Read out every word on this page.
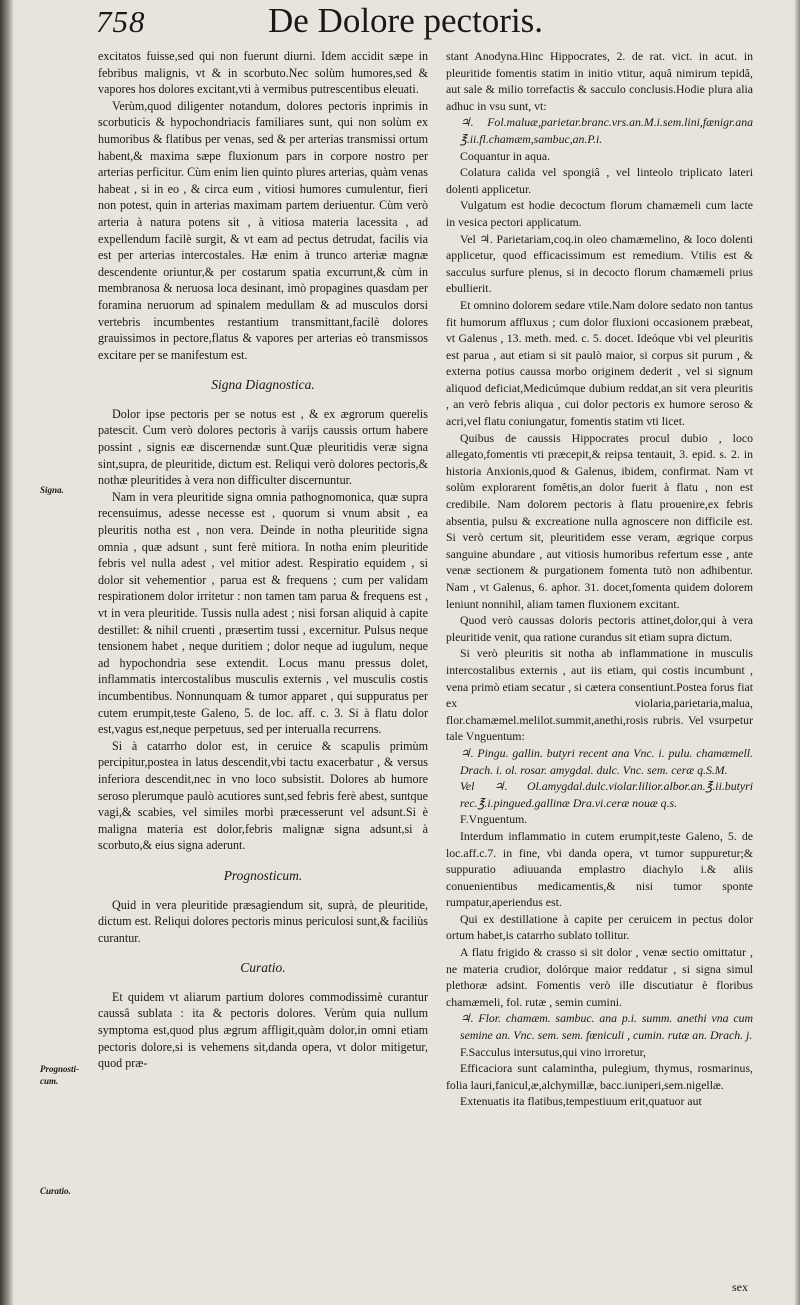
758	De Dolore pectoris.

excitatos fuisse,sed qui non fuerunt diurni. Idem accidit sæpe in febribus malignis, vt & in scorbuto.Nec solùm humores,sed & vapores hos dolores excitant,vti à vermibus putrescentibus eleuati.

Verùm,quod diligenter notandum, dolores pectoris inprimis in scorbuticis & hypochondriacis familiares sunt, qui non solùm ex humoribus & flatibus per venas, sed & per arterias transmissi ortum habent,& maxima sæpe fluxionum pars in corpore nostro per arterias perficitur. Cùm enim lien quinto plures arterias, quàm venas habeat , si in eo , & circa eum , vitiosi humores cumulentur, fieri non potest, quin in arterias maximam partem deriuentur. Cùm verò arteria à natura potens sit , à vitiosa materia lacessita , ad expellendum facilè surgit, & vt eam ad pectus detrudat, facilis via est per arterias intercostales. Hæ enim à trunco arteriæ magnæ descendente oriuntur,& per costarum spatia excurrunt,& cùm in membranosa & neruosa loca desinant, imò propagines quasdam per foramina neruorum ad spinalem medullam & ad musculos dorsi vertebris incumbentes restantium transmittant,facilè dolores grauissimos in pectore,flatus & vapores per arterias eò transmissos excitare per se manifestum est.

Signa Diagnostica.

Dolor ipse pectoris per se notus est , & ex ægrorum querelis patescit. Cum verò dolores pectoris à varijs caussis ortum habere possint , signis eæ discernendæ sunt.Quæ pleuritidis veræ signa sint,supra, de pleuritide, dictum est. Reliqui verò dolores pectoris,& nothæ pleuritides à vera non difficulter discernuntur.

Nam in vera pleuritide signa omnia pathognomonica, quæ supra recensuimus, adesse necesse est , quorum si vnum absit , ea pleuritis notha est , non vera. Deinde in notha pleuritide signa omnia , quæ adsunt , sunt ferè mitiora. In notha enim pleuritide febris vel nulla adest , vel mitior adest. Respiratio equidem , si dolor sit vehementior , parua est & frequens ; cum per validam respirationem dolor irritetur : non tamen tam parua & frequens est , vt in vera pleuritide. Tussis nulla adest ; nisi forsan aliquid à capite destillet: & nihil cruenti , præsertim tussi , excernitur. Pulsus neque tensionem habet , neque duritiem ; dolor neque ad iugulum, neque ad hypochondria sese extendit. Locus manu pressus dolet, inflammatis intercostalibus musculis externis , vel musculis costis incumbentibus. Nonnunquam & tumor apparet , qui suppuratus per cutem erumpit,teste Galeno, 5. de loc. aff. c. 3. Si à flatu dolor est,vagus est,neque perpetuus, sed per interualla recurrens.

Si à catarrho dolor est, in ceruice & scapulis primùm percipitur,postea in latus descendit,vbi tactu exacerbatur , & versus inferiora descendit,nec in vno loco subsistit. Dolores ab humore seroso plerumque paulò acutiores sunt,sed febris ferè abest, suntque vagi,& scabies, vel similes morbi præcesserunt vel adsunt.Si è maligna materia est dolor,febris malignæ signa adsunt,si à scorbuto,& eius signa aderunt.

Prognosticum.

Quid in vera pleuritide præsagiendum sit, suprà, de pleuritide, dictum est. Reliqui dolores pectoris minus periculosi sunt,& faciliùs curantur.

Curatio.

Et quidem vt aliarum partium dolores commodissimè curantur caussâ sublata : ita & pectoris dolores. Verùm quia nullum symptoma est,quod plus ægrum affligit,quàm dolor,in omni etiam pectoris dolore,si is vehemens sit,danda opera, vt dolor mitigetur, quod præ-

stant Anodyna.Hinc Hippocrates, 2. de rat. vict. in acut. in pleuritide fomentis statim in initio vtitur, aquâ nimirum tepidâ, aut sale & milio torrefactis & sacculo conclusis.Hodie plura alia adhuc in vsu sunt, vt:

♃. Fol.maluæ,parietar.branc.vrs.an.M.i.sem.lini,fænigr.ana ℥.ii.fl.chamæm,sambuc,an.P.i.

Coquantur in aqua.

Colatura calida vel spongiâ , vel linteolo triplicato lateri dolenti applicetur.

Vulgatum est hodie decoctum florum chamæmeli cum lacte in vesica pectori applicatum.

Vel ♃. Parietariam,coq.in oleo chamæmelino, & loco dolenti applicetur, quod efficacissimum est remedium. Vtilis est & sacculus surfure plenus, si in decocto florum chamæmeli prius ebullierit.

Et omnino dolorem sedare vtile.Nam dolore sedato non tantus fit humorum affluxus ; cum dolor fluxioni occasionem præbeat, vt Galenus , 13. meth. med. c. 5. docet. Ideóque vbi vel pleuritis est parua , aut etiam si sit paulò maior, si corpus sit purum , & externa potius caussa morbo originem dederit , vel si signum aliquod deficiat,Medicúmque dubium reddat,an sit vera pleuritis , an verò febris aliqua , cui dolor pectoris ex humore seroso & acri,vel flatu coniungatur, fomentis statim vti licet.

Quibus de caussis Hippocrates procul dubio , loco allegato,fomentis vti præcepit,& reipsa tentauit, 3. epid. s. 2. in historia Anxionis,quod & Galenus, ibidem, confirmat. Nam vt solùm explorarent fomêtis,an dolor fuerit à flatu , non est credibile. Nam dolorem pectoris à flatu prouenire,ex febris absentia, pulsu & excreatione nulla agnoscere non difficile est. Si verò certum sit, pleuritidem esse veram, ægrique corpus sanguine abundare , aut vitiosis humoribus refertum esse , ante venæ sectionem & purgationem fomenta tutò non adhibentur. Nam , vt Galenus, 6. aphor. 31. docet,fomenta quidem dolorem leniunt nonnihil, aliam tamen fluxionem excitant.

Quod verò caussas doloris pectoris attinet,dolor,qui à vera pleuritide venit, qua ratione curandus sit etiam supra dictum.

Si verò pleuritis sit notha ab inflammatione in musculis intercostalibus externis , aut iis etiam, qui costis incumbunt , vena primò etiam secatur , si cætera consentiunt.Postea forus fiat ex violaria,parietaria,malua, flor.chamæmel.melilot.summit,anethi,rosis rubris. Vel vsurpetur tale Vnguentum:

♃. Pingu. gallin. butyri recent ana Vnc. i. pulu. chamæmell. Drach. i. ol. rosar. amygdal. dulc. Vnc. sem. ceræ q.S.M.

Vel ♃. Ol.amygdal.dulc.violar.lilior.albor.an.℥.ii.butyri rec.℥.i.pingued.gallinæ Dra.vi.ceræ nouæ q.s.

F.Vnguentum.

Interdum inflammatio in cutem erumpit,teste Galeno, 5. de loc.aff.c.7. in fine, vbi danda opera, vt tumor suppuretur;& suppuratio adiuuanda emplastro diachylo i.& aliis conuenientibus medicamentis,& nisi tumor sponte rumpatur,aperiendus est.

Qui ex destillatione à capite per ceruicem in pectus dolor ortum habet,is catarrho sublato tollitur.

A flatu frigido & crasso si sit dolor , venæ sectio omittatur , ne materia crudior, dolórque maior reddatur , si signa simul plethoræ adsint. Fomentis verò ille discutiatur è floribus chamæmeli, fol. rutæ , semin cumini.

♃. Flor. chamæm. sambuc. ana p.i. summ. anethi vna cum semine an. Vnc. sem. sem. fœniculi , cumin. rutæ an. Drach. j.

F.Sacculus intersutus,qui vino irroretur,

Efficaciora sunt calamintha, pulegium, thymus, rosmarinus, folia lauri,fanicul,æ,alchymillæ, bacc.iuniperi,sem.nigellæ.

Extenuatis ita flatibus,tempestiuum erit,quatuor aut

Signa.
Prognosti-
cum.
Curatio.
sex
